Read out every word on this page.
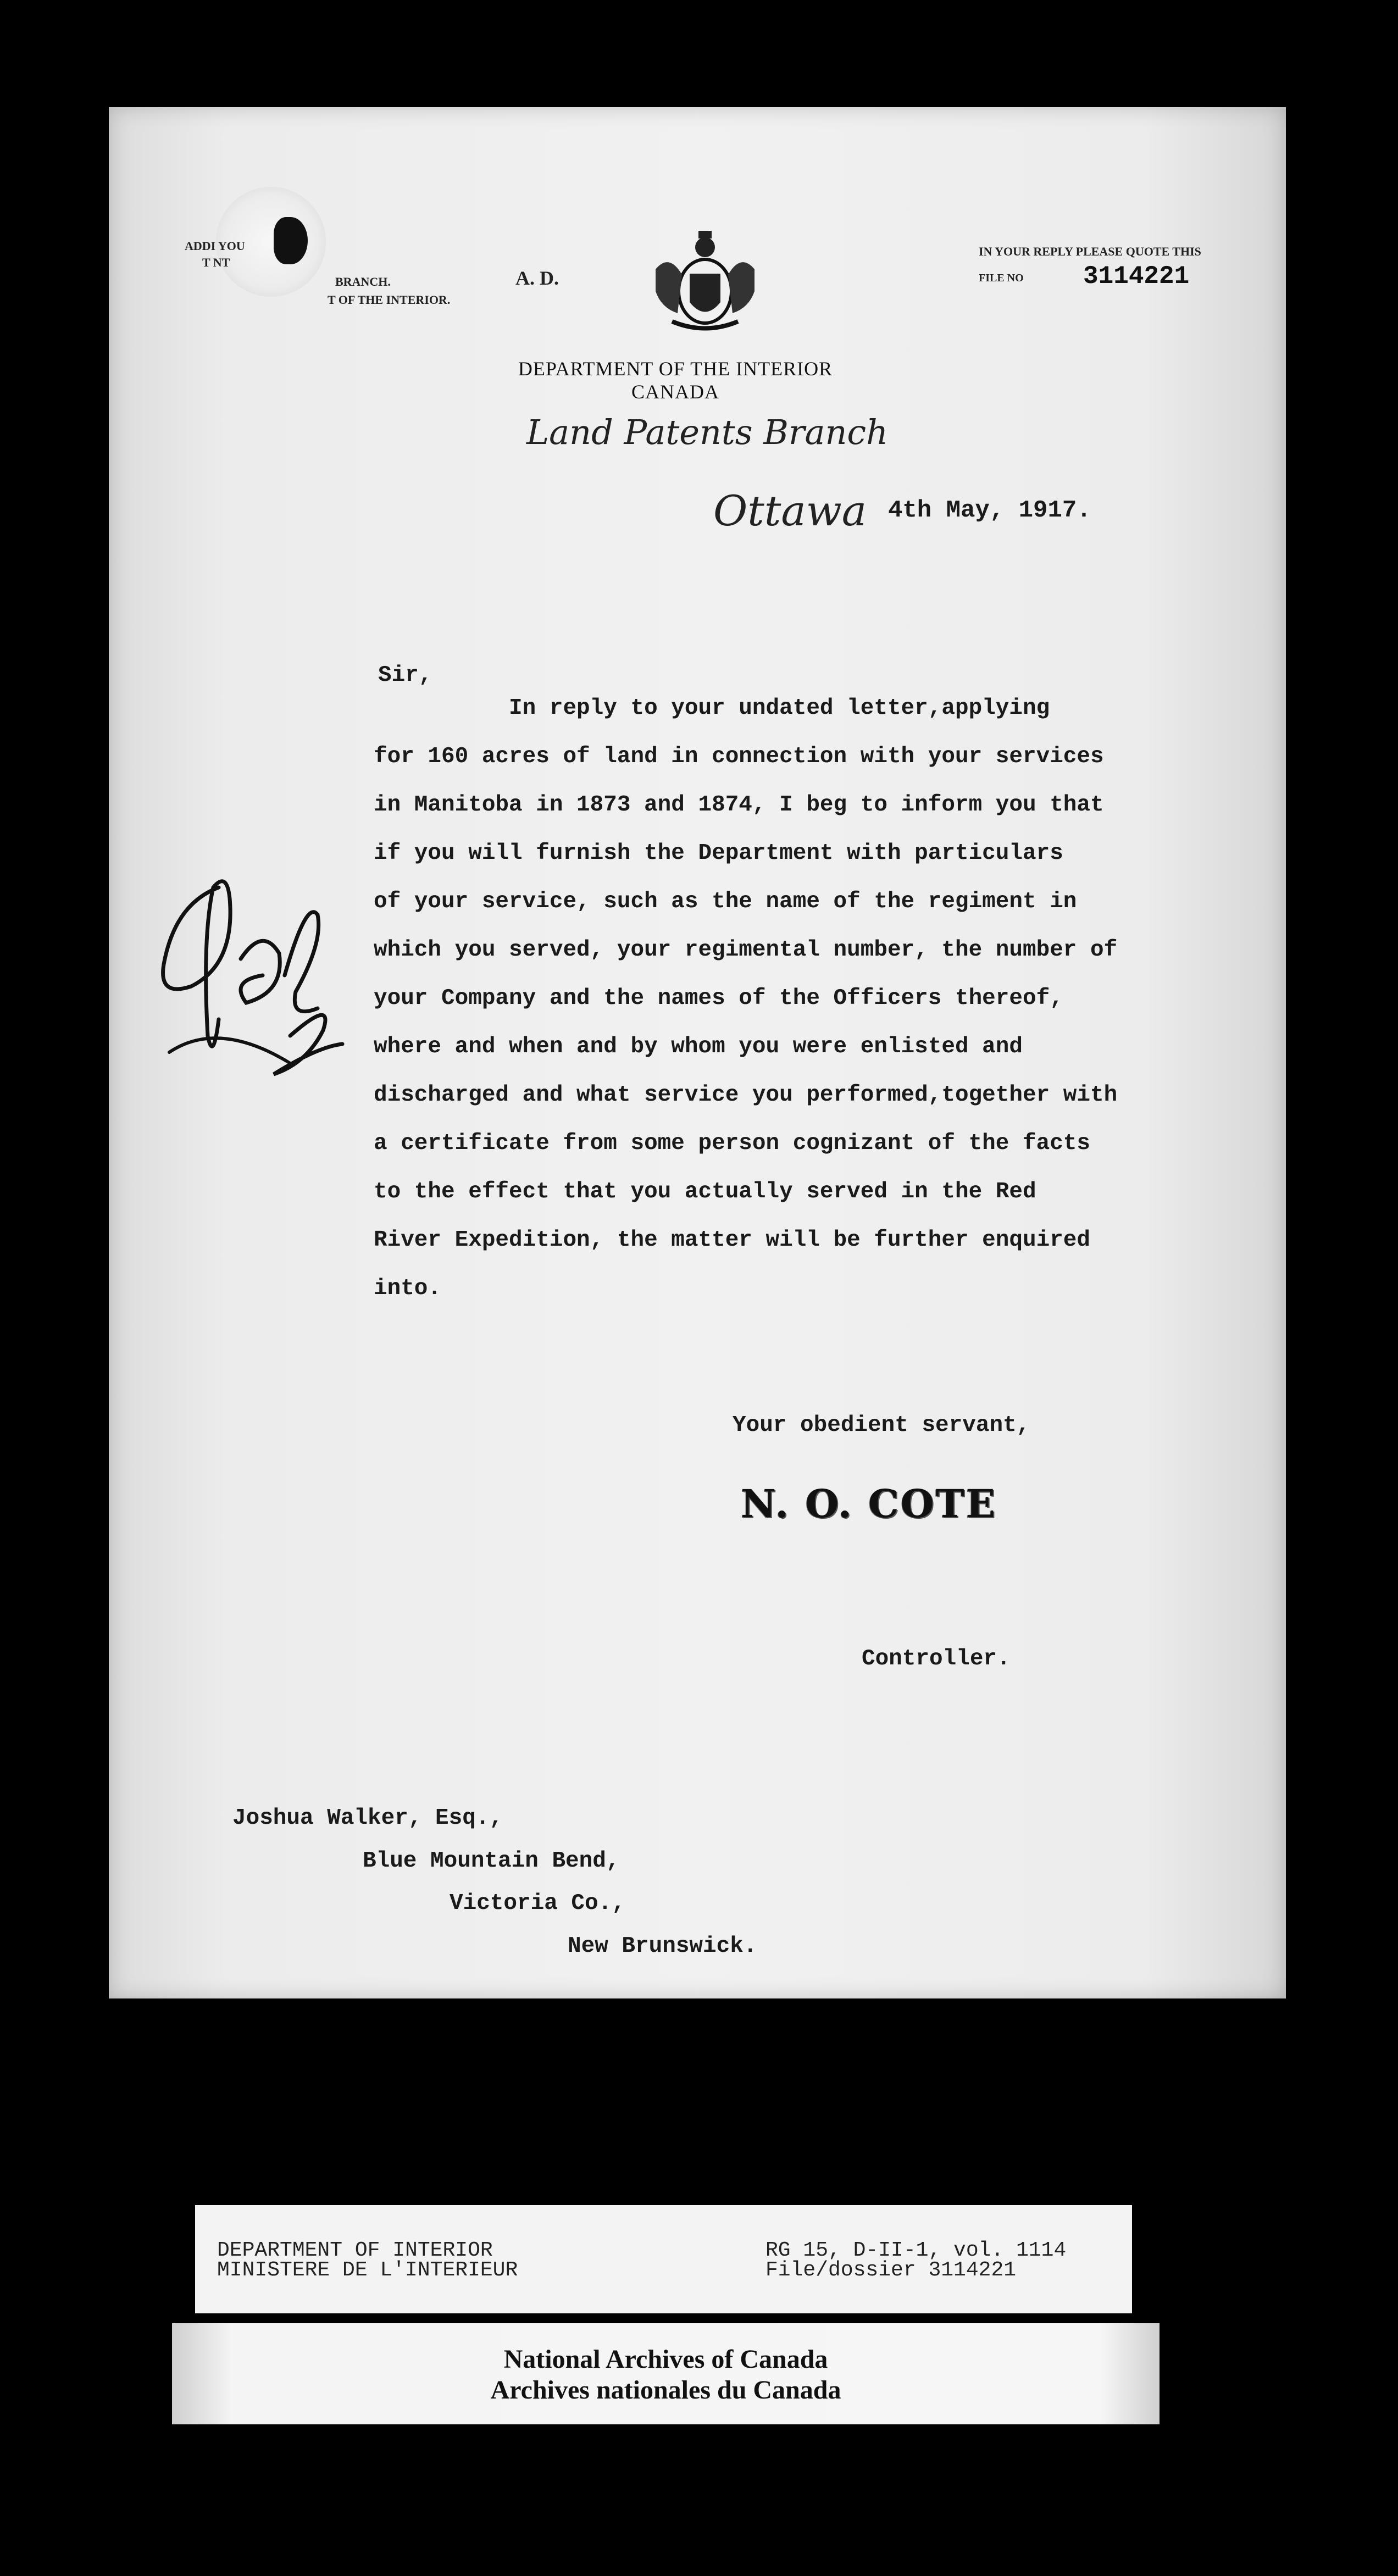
ADDI YOU
T NT
BRANCH.
T OF THE INTERIOR.
A. D.
IN YOUR REPLY PLEASE QUOTE THIS
FILE NO 3114221
DEPARTMENT OF THE INTERIOR
CANADA
Land Patents Branch
Ottawa 4th May, 1917.
Sir,
In reply to your undated letter,applying
for 160 acres of land in connection with your services
in Manitoba in 1873 and 1874, I beg to inform you that
if you will furnish the Department with particulars
of your service, such as the name of the regiment in
which you served, your regimental number, the number of
your Company and the names of the Officers thereof,
where and when and by whom you were enlisted and
discharged and what service you performed,together with
a certificate from some person cognizant of the facts
to the effect that you actually served in the Red
River Expedition, the matter will be further enquired
into.
Your obedient servant,
N. O. COTE
Controller.
Joshua Walker, Esq.,
Blue Mountain Bend,
Victoria Co.,
New Brunswick.
DEPARTMENT OF INTERIOR
MINISTERE DE L'INTERIEUR
RG 15, D-II-1, vol. 1114
File/dossier 3114221
National Archives of Canada
Archives nationales du Canada
